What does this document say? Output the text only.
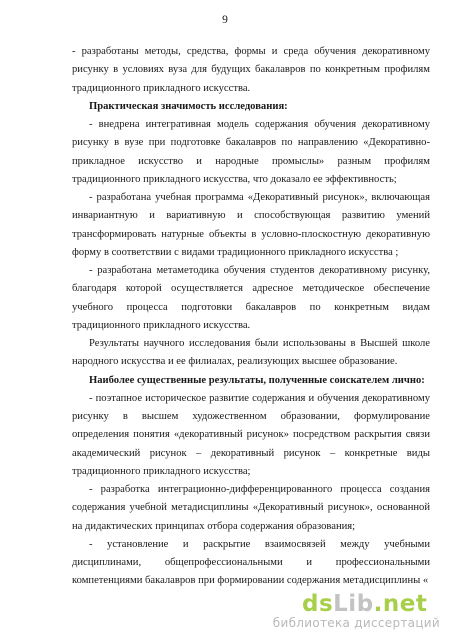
9

- разработаны методы, средства, формы и среда обучения декоративному рисунку в условиях вуза для будущих бакалавров по конкретным профилям традиционного прикладного искусства.

Практическая значимость исследования:

- внедрена интегративная модель содержания обучения декоративному рисунку в вузе при подготовке бакалавров по направлению «Декоративно-прикладное искусство и народные промыслы» разным профилям традиционного прикладного искусства, что доказало ее эффективность;

- разработана учебная программа «Декоративный рисунок», включающая инвариантную и вариативную и способствующая развитию умений трансформировать натурные объекты в условно-плоскостную декоративную форму в соответствии с видами традиционного прикладного искусства ;

- разработана метаметодика обучения студентов декоративному рисунку, благодаря которой осуществляется адресное методическое обеспечение учебного процесса подготовки бакалавров по конкретным видам традиционного прикладного искусства.

Результаты научного исследования были использованы в Высшей школе народного искусства и ее филиалах, реализующих высшее образование.

Наиболее существенные результаты, полученные соискателем лично:

- поэтапное историческое развитие содержания и обучения декоративному рисунку в высшем художественном образовании, формулирование определения понятия «декоративный рисунок» посредством раскрытия связи академический рисунок – декоративный рисунок – конкретные виды традиционного прикладного искусства;

- разработка интеграционно-дифференцированного процесса создания содержания учебной метадисциплины «Декоративный рисунок», основанной на дидактических принципах отбора содержания образования;

- установление и раскрытие взаимосвязей между учебными дисциплинами, общепрофессиональными и профессиональными компетенциями бакалавров при формировании содержания метадисциплины «

dsLib.net
библиотека диссертаций
